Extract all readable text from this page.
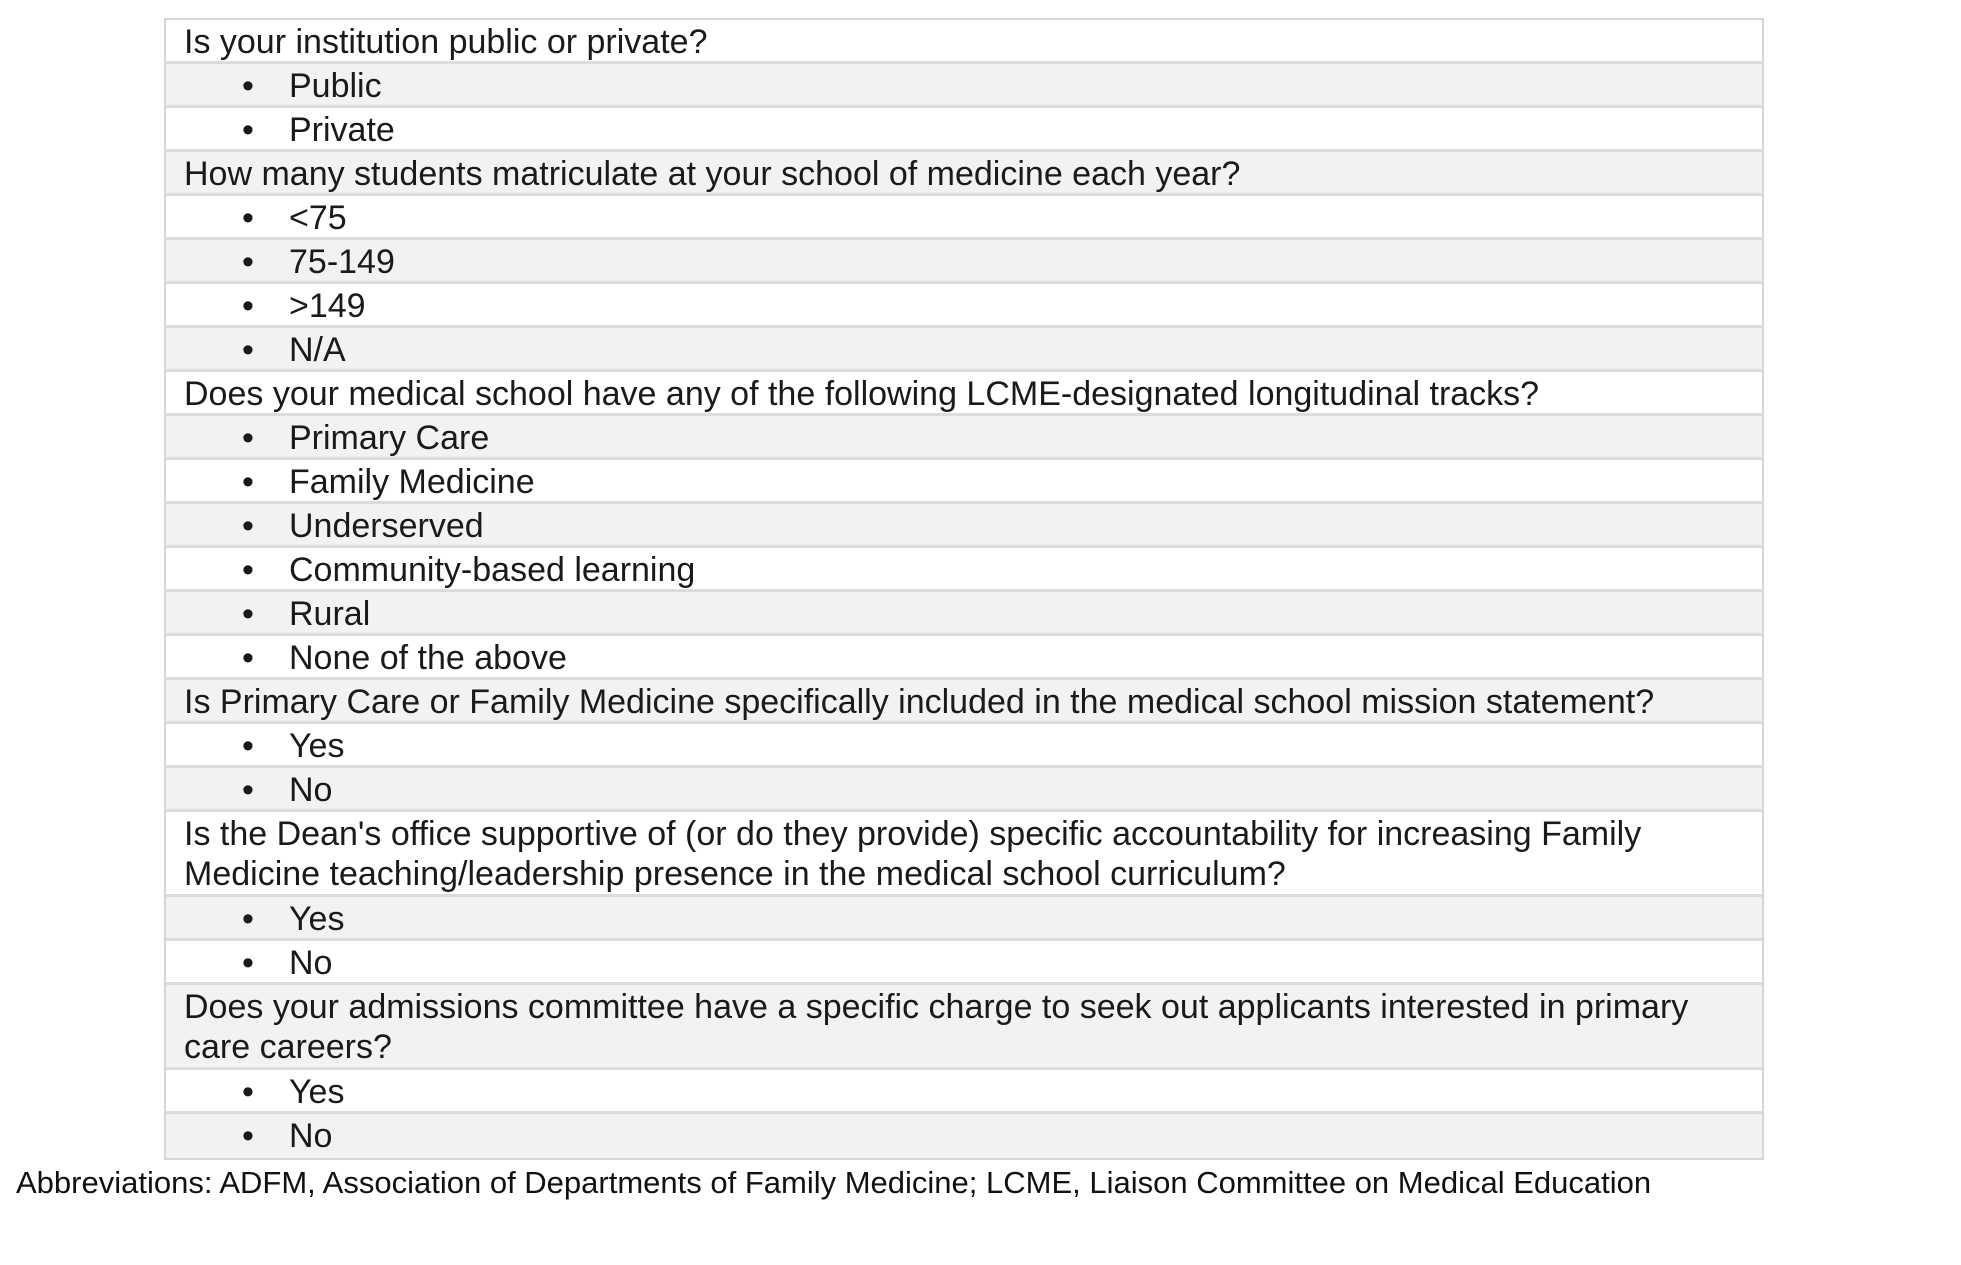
Is your institution public or private?
• Public
• Private
How many students matriculate at your school of medicine each year?
• <75
• 75-149
• >149
• N/A
Does your medical school have any of the following LCME-designated longitudinal tracks?
• Primary Care
• Family Medicine
• Underserved
• Community-based learning
• Rural
• None of the above
Is Primary Care or Family Medicine specifically included in the medical school mission statement?
• Yes
• No
Is the Dean's office supportive of (or do they provide) specific accountability for increasing Family Medicine teaching/leadership presence in the medical school curriculum?
• Yes
• No
Does your admissions committee have a specific charge to seek out applicants interested in primary care careers?
• Yes
• No
Abbreviations: ADFM, Association of Departments of Family Medicine; LCME, Liaison Committee on Medical Education
